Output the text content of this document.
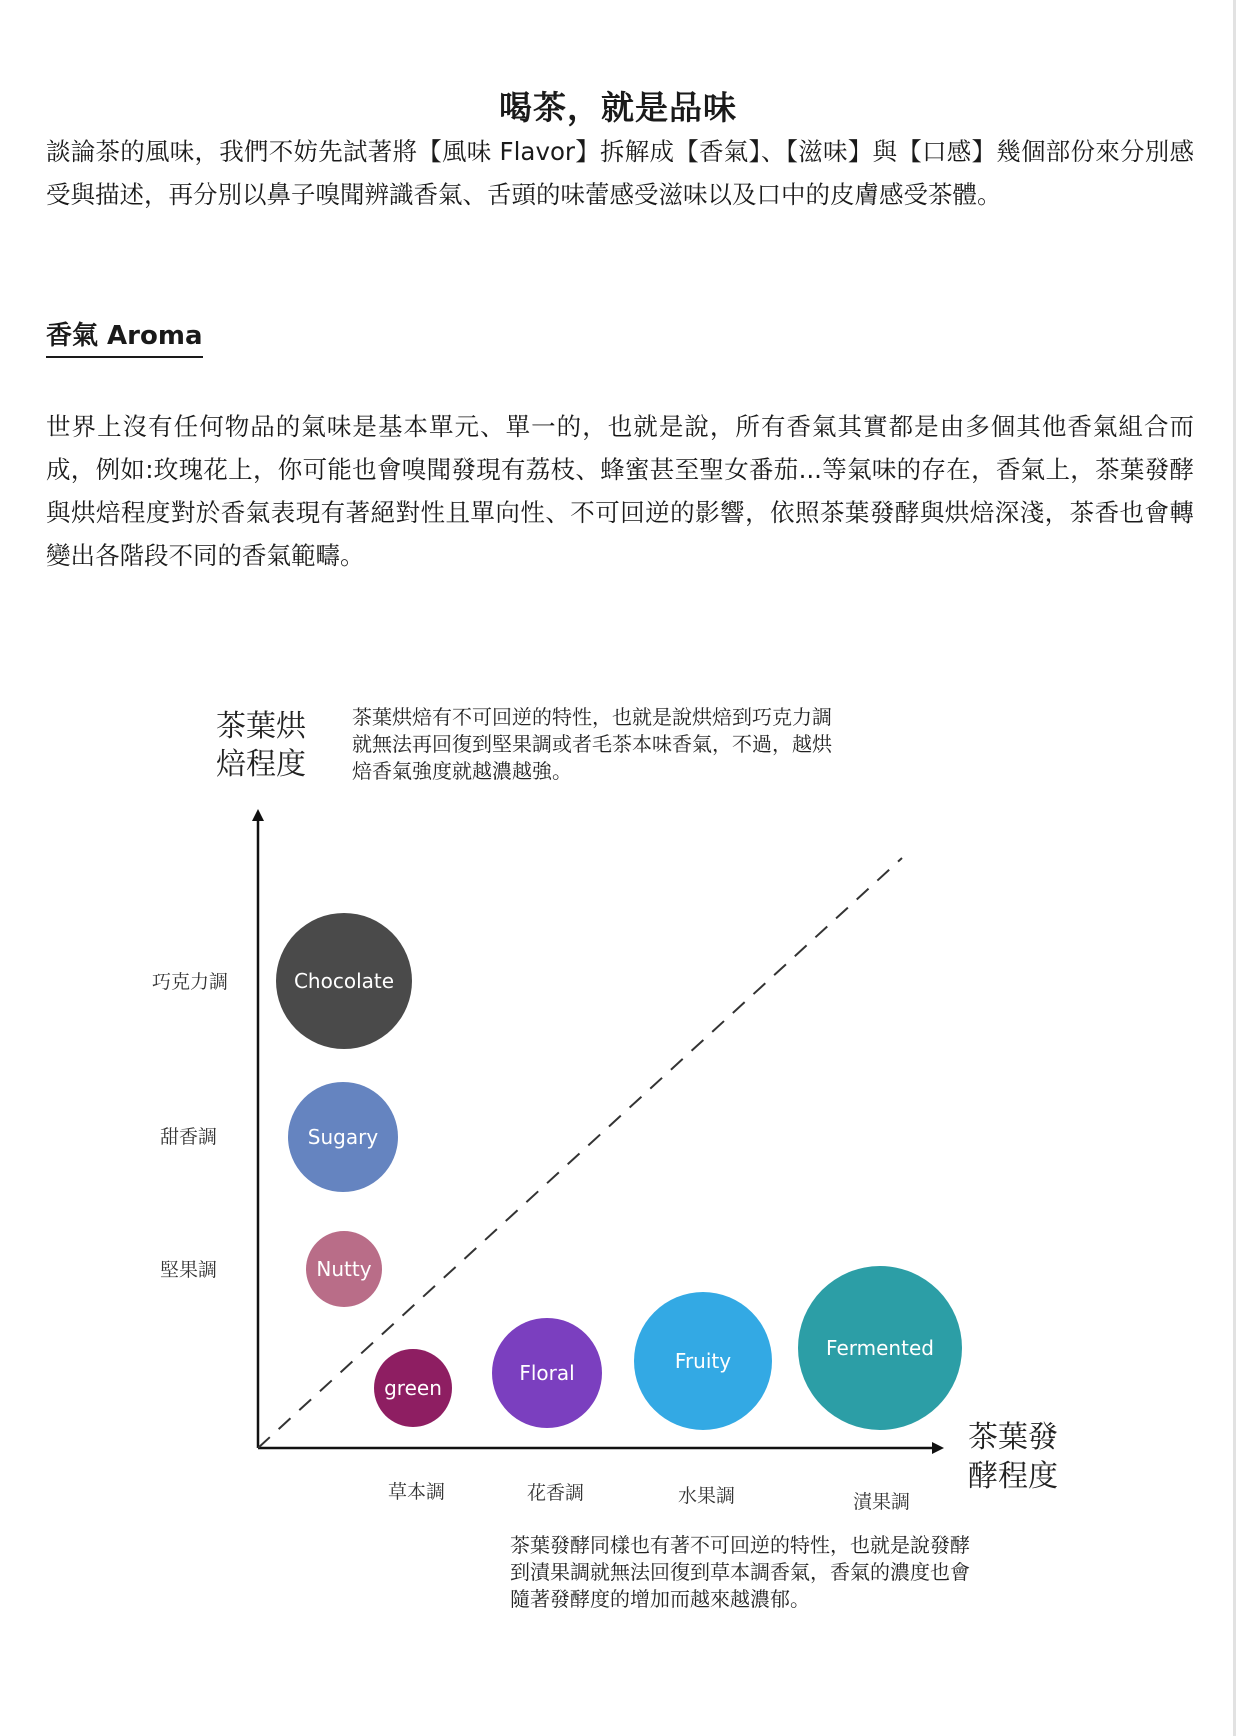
喝茶，就是品味

談論茶的風味，我們不妨先試著將【風味 Flavor】拆解成【香氣】、【滋味】與【口感】幾個部份來分別感受與描述，再分別以鼻子嗅聞辨識香氣、舌頭的味蕾感受滋味以及口中的皮膚感受茶體。

香氣 Aroma

世界上沒有任何物品的氣味是基本單元、單一的，也就是說，所有香氣其實都是由多個其他香氣組合而成，例如:玫瑰花上，你可能也會嗅聞發現有荔枝、蜂蜜甚至聖女番茄...等氣味的存在，香氣上，茶葉發酵與烘焙程度對於香氣表現有著絕對性且單向性、不可回逆的影響，依照茶葉發酵與烘焙深淺，茶香也會轉變出各階段不同的香氣範疇。

茶葉烘
焙程度
茶葉發
酵程度
茶葉烘焙有不可回逆的特性，也就是說烘焙到巧克力調
就無法再回復到堅果調或者毛茶本味香氣，不過，越烘
焙香氣強度就越濃越強。
茶葉發酵同樣也有著不可回逆的特性，也就是說發酵
到漬果調就無法回復到草本調香氣，香氣的濃度也會
隨著發酵度的增加而越來越濃郁。
巧克力調
甜香調
堅果調
草本調	花香調	水果調	漬果調
Chocolate
Sugary
Nutty
green
Floral	Fruity
Fermented
